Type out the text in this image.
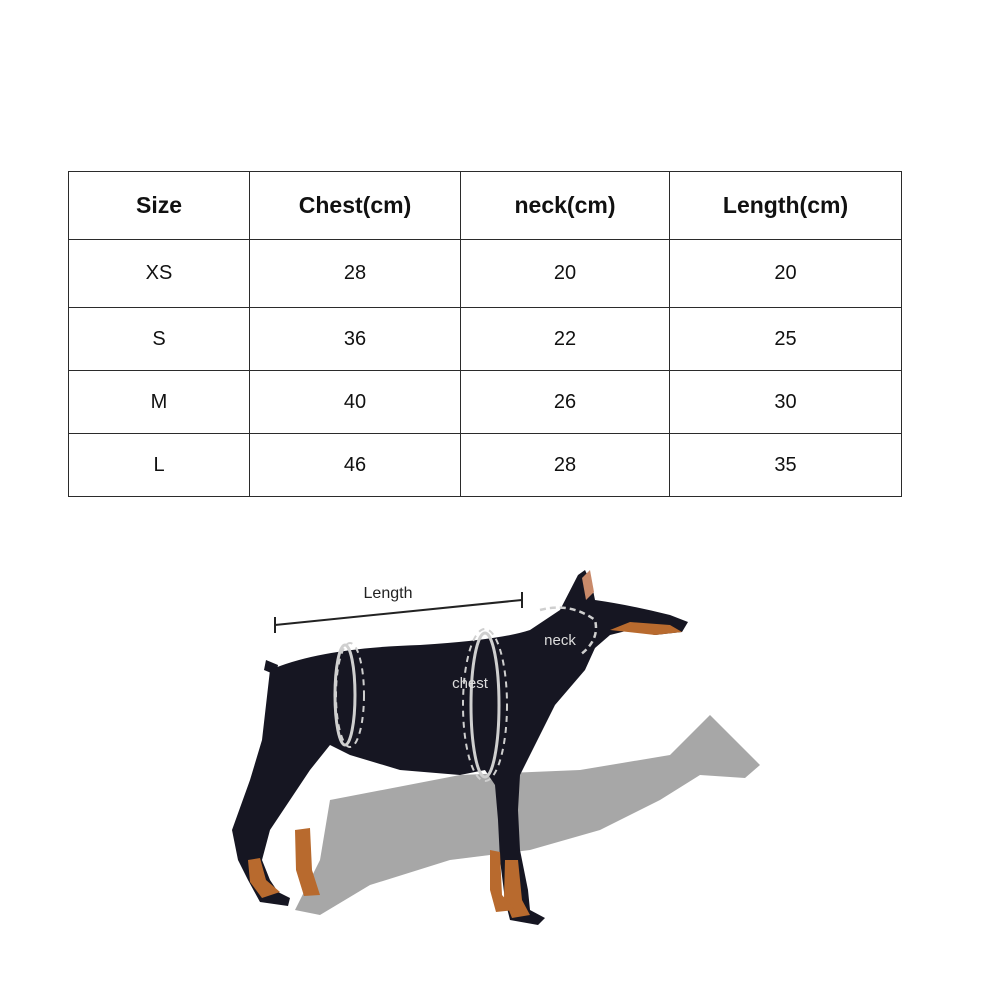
Size	Chest(cm)	neck(cm)	Length(cm)
XS	28	20	20
S	36	22	25
M	40	26	30
L	46	28	35
Length
neck
chest
